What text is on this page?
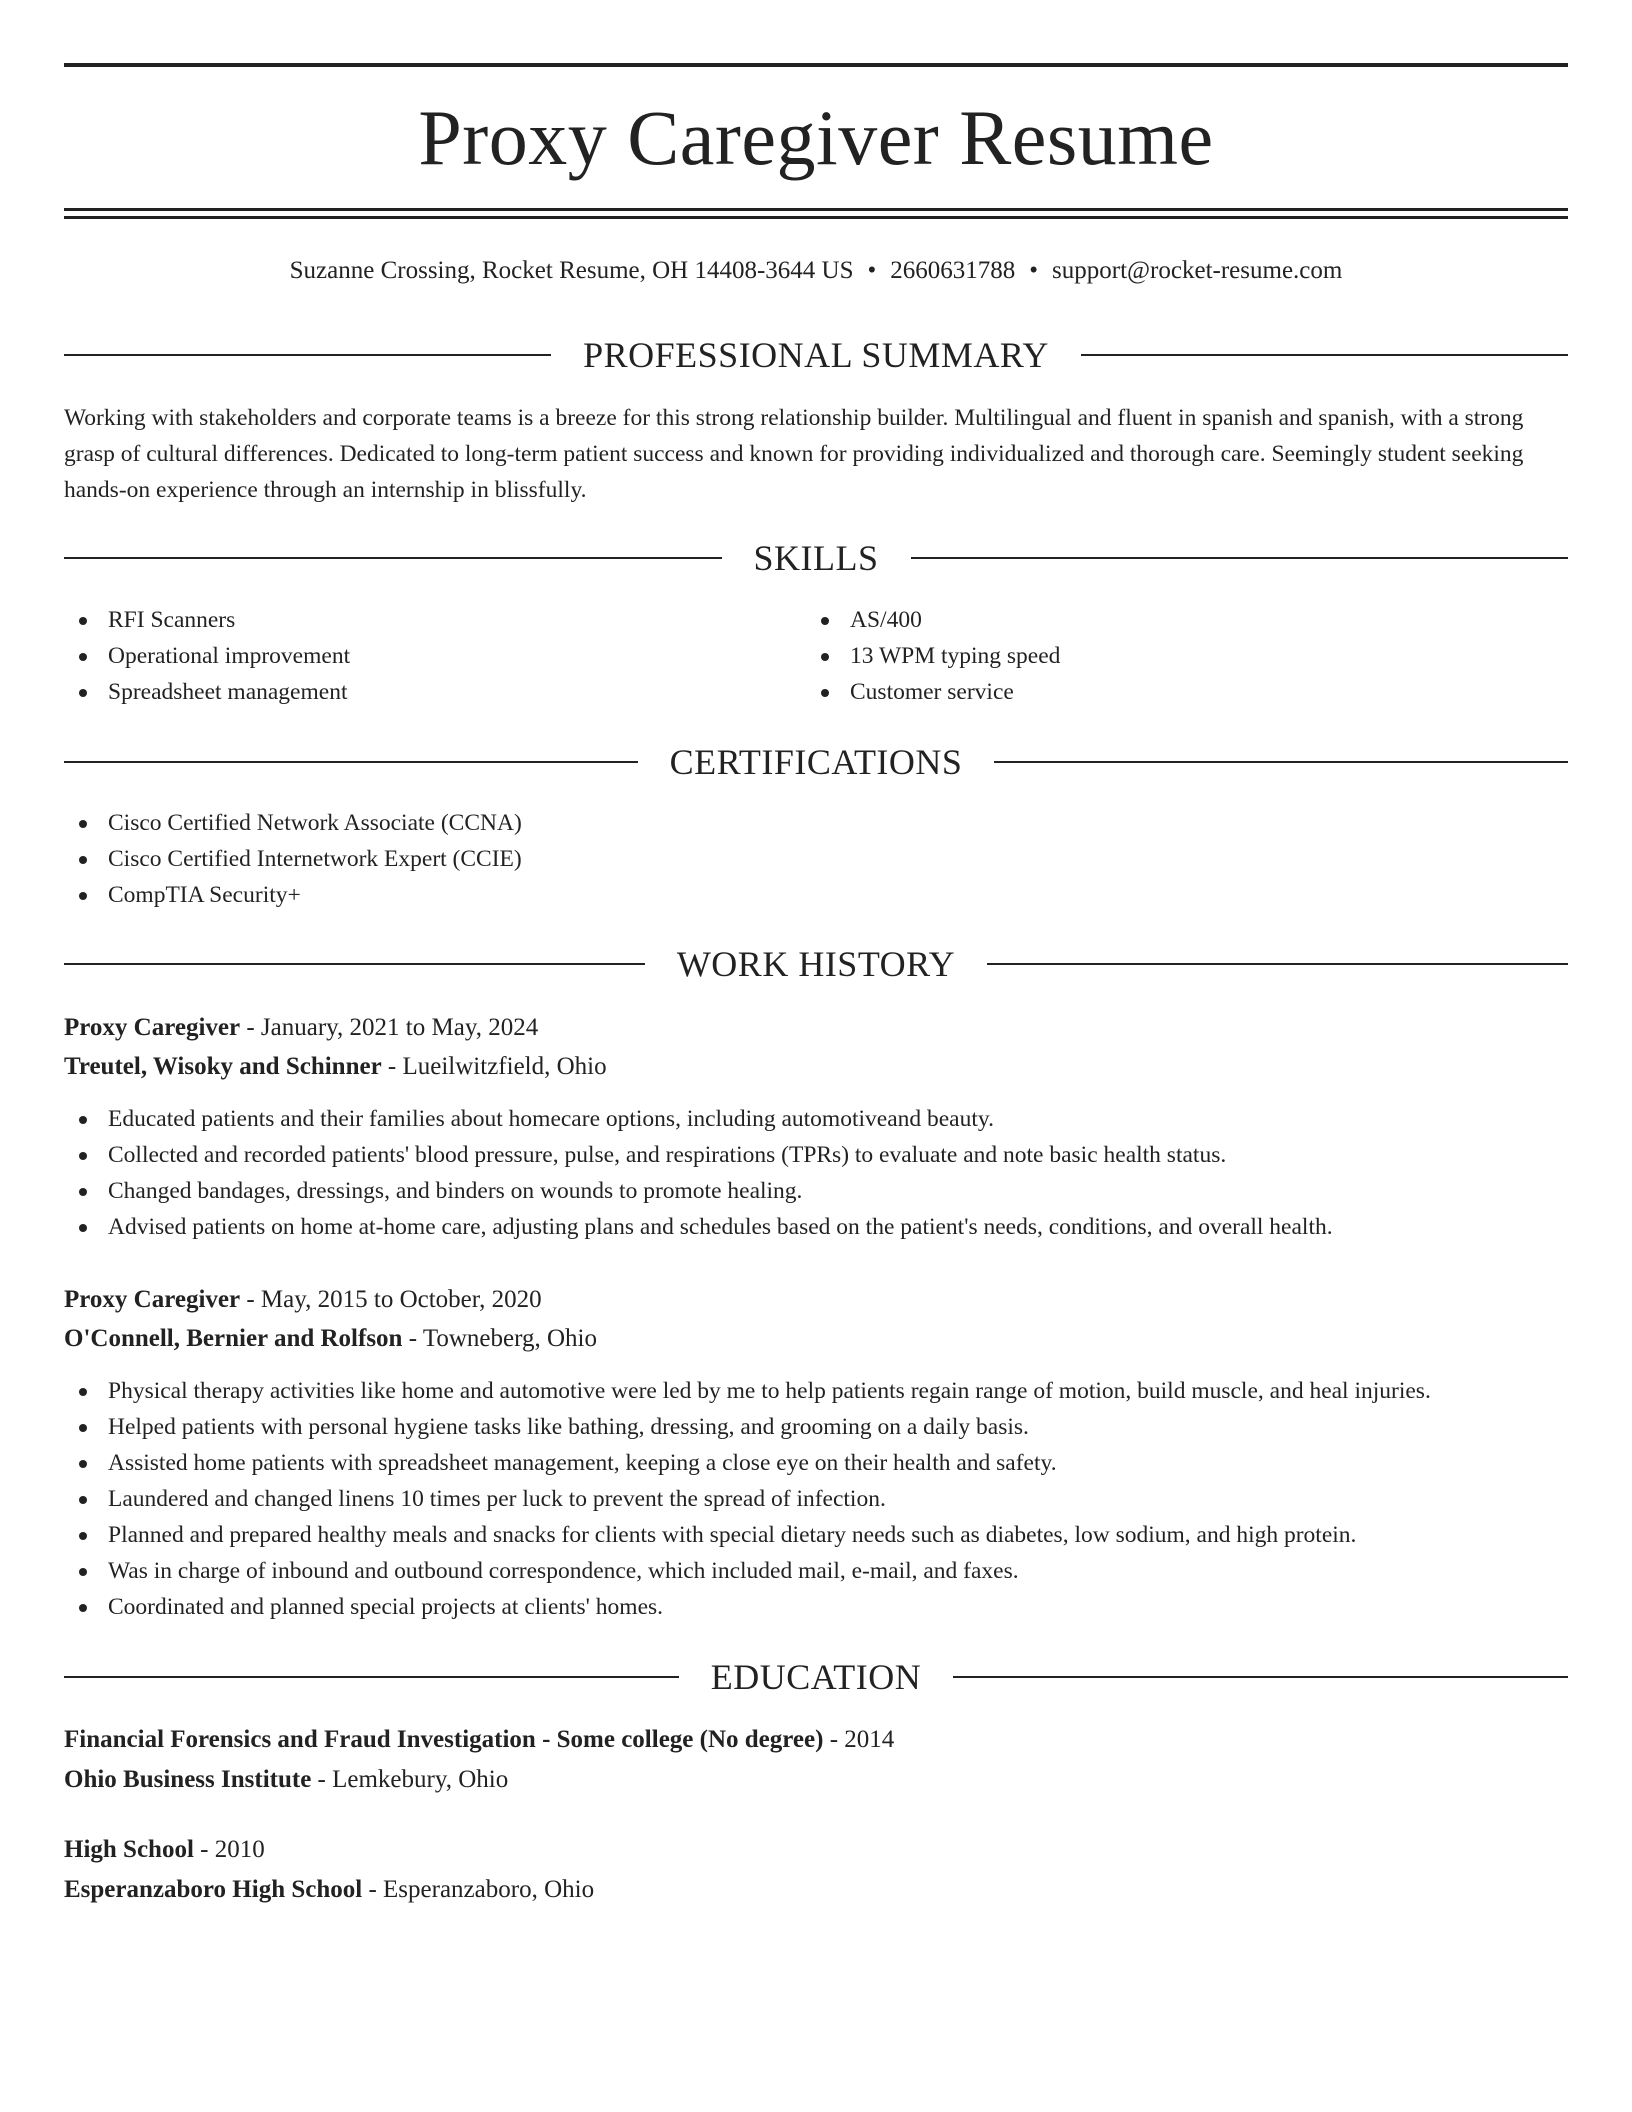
Proxy Caregiver Resume
Suzanne Crossing, Rocket Resume, OH 14408-3644 US • 2660631788 • support@rocket-resume.com
PROFESSIONAL SUMMARY

Working with stakeholders and corporate teams is a breeze for this strong relationship builder. Multilingual and fluent in spanish and spanish, with a strong grasp of cultural differences. Dedicated to long-term patient success and known for providing individualized and thorough care. Seemingly student seeking hands-on experience through an internship in blissfully.

SKILLS
RFI Scanners
Operational improvement
Spreadsheet management
AS/400
13 WPM typing speed
Customer service
CERTIFICATIONS
Cisco Certified Network Associate (CCNA)
Cisco Certified Internetwork Expert (CCIE)
CompTIA Security+
WORK HISTORY
Proxy Caregiver - January, 2021 to May, 2024
Treutel, Wisoky and Schinner - Lueilwitzfield, Ohio
Educated patients and their families about homecare options, including automotiveand beauty.
Collected and recorded patients' blood pressure, pulse, and respirations (TPRs) to evaluate and note basic health status.
Changed bandages, dressings, and binders on wounds to promote healing.
Advised patients on home at-home care, adjusting plans and schedules based on the patient's needs, conditions, and overall health.
Proxy Caregiver - May, 2015 to October, 2020
O'Connell, Bernier and Rolfson - Towneberg, Ohio
Physical therapy activities like home and automotive were led by me to help patients regain range of motion, build muscle, and heal injuries.
Helped patients with personal hygiene tasks like bathing, dressing, and grooming on a daily basis.
Assisted home patients with spreadsheet management, keeping a close eye on their health and safety.
Laundered and changed linens 10 times per luck to prevent the spread of infection.
Planned and prepared healthy meals and snacks for clients with special dietary needs such as diabetes, low sodium, and high protein.
Was in charge of inbound and outbound correspondence, which included mail, e-mail, and faxes.
Coordinated and planned special projects at clients' homes.
EDUCATION
Financial Forensics and Fraud Investigation - Some college (No degree) - 2014
Ohio Business Institute - Lemkebury, Ohio
High School - 2010
Esperanzaboro High School - Esperanzaboro, Ohio
